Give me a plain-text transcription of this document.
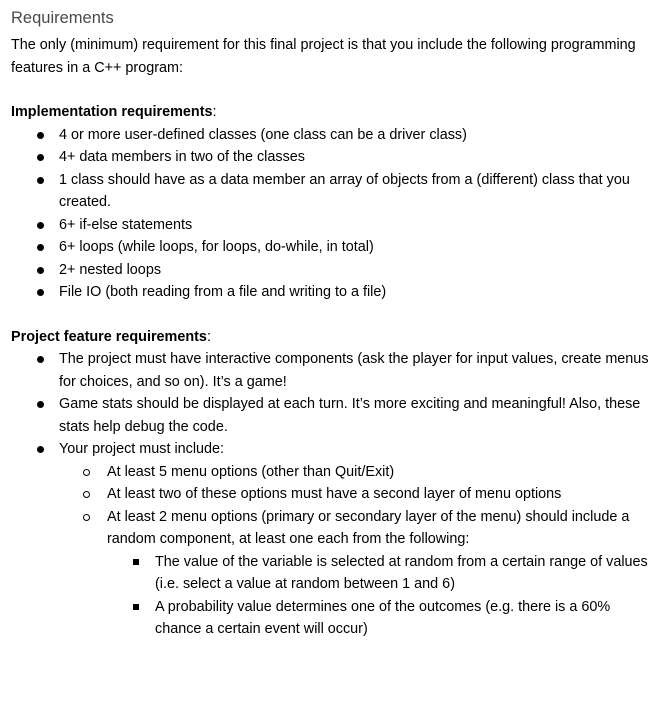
Requirements

The only (minimum) requirement for this final project is that you include the following programming features in a C++ program:

Implementation requirements:

4 or more user-defined classes (one class can be a driver class)
4+ data members in two of the classes
1 class should have as a data member an array of objects from a (different) class that you created.
6+ if-else statements
6+ loops (while loops, for loops, do-while, in total)
2+ nested loops
File IO (both reading from a file and writing to a file)

Project feature requirements:

The project must have interactive components (ask the player for input values, create menus for choices, and so on). It’s a game!
Game stats should be displayed at each turn. It’s more exciting and meaningful! Also, these stats help debug the code.
Your project must include:
At least 5 menu options (other than Quit/Exit)
At least two of these options must have a second layer of menu options
At least 2 menu options (primary or secondary layer of the menu) should include a random component, at least one each from the following:
The value of the variable is selected at random from a certain range of values (i.e. select a value at random between 1 and 6)
A probability value determines one of the outcomes (e.g. there is a 60% chance a certain event will occur)
